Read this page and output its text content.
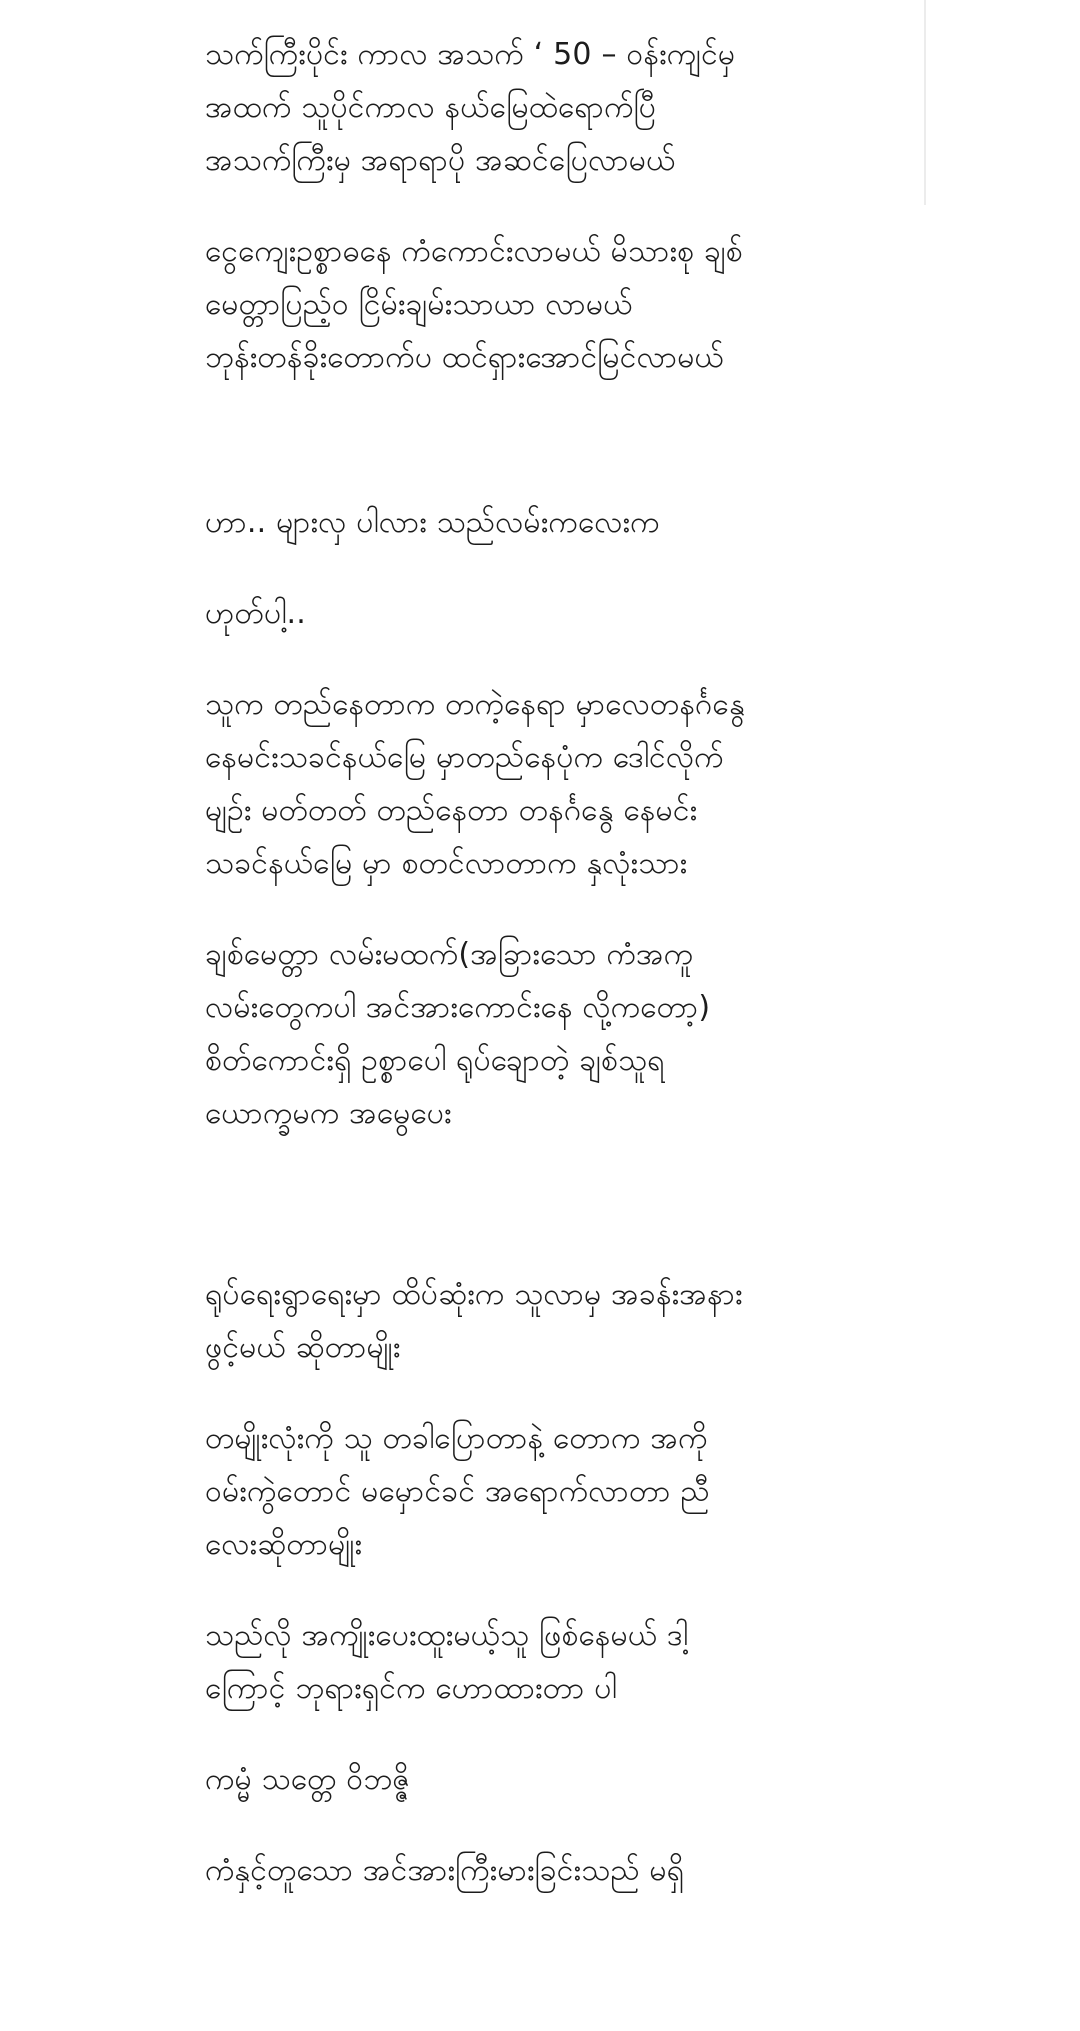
သက်ကြီးပိုင်း ကာလ အသက် ‘ 50 – ဝန်းကျင်မှ
အထက် သူပိုင်ကာလ နယ်မြေထဲရောက်ပြီ
အသက်ကြီးမှ အရာရာပို အဆင်ပြေလာမယ်

ငွေကျေးဥစ္စာဓနေ ကံကောင်းလာမယ် မိသားစု ချစ်
မေတ္တာပြည့်ဝ ငြိမ်းချမ်းသာယာ လာမယ်
ဘုန်းတန်ခိုးတောက်ပ ထင်ရှားအောင်မြင်လာမယ်

ဟာ.. များလှ ပါလား သည်လမ်းကလေးက

ဟုတ်ပါ့..

သူက တည်နေတာက တကဲ့နေရာ မှာလေတနင်္ဂနွေ
နေမင်းသခင်နယ်မြေ မှာတည်နေပုံက ဒေါင်လိုက်
မျဉ်း မတ်တတ် တည်နေတာ တနင်္ဂနွေ နေမင်း
သခင်နယ်မြေ မှာ စတင်လာတာက နှလုံးသား

ချစ်မေတ္တာ လမ်းမထက်(အခြားသော ကံအကူ
လမ်းတွေကပါ အင်အားကောင်းနေ လို့ကတော့)
စိတ်ကောင်းရှိ ဥစ္စာပေါ ရုပ်ချောတဲ့ ချစ်သူရ
ယောက္ခမက အမွေပေး

ရုပ်ရေးရွာရေးမှာ ထိပ်ဆုံးက သူလာမှ အခန်းအနား
ဖွင့်မယ် ဆိုတာမျိုး

တမျိုးလုံးကို သူ တခါပြောတာနဲ့ တောက အကို
ဝမ်းကွဲတောင် မမှောင်ခင် အရောက်လာတာ ညီ
လေးဆိုတာမျိုး

သည်လို အကျိုးပေးထူးမယ့်သူ ဖြစ်နေမယ် ဒါ့
ကြောင့် ဘုရားရှင်က ဟောထားတာ ပါ

ကမ္မံ သတ္တေ ဝိဘဇ္ဇိ

ကံနှင့်တူသော အင်အားကြီးမားခြင်းသည် မရှိ
